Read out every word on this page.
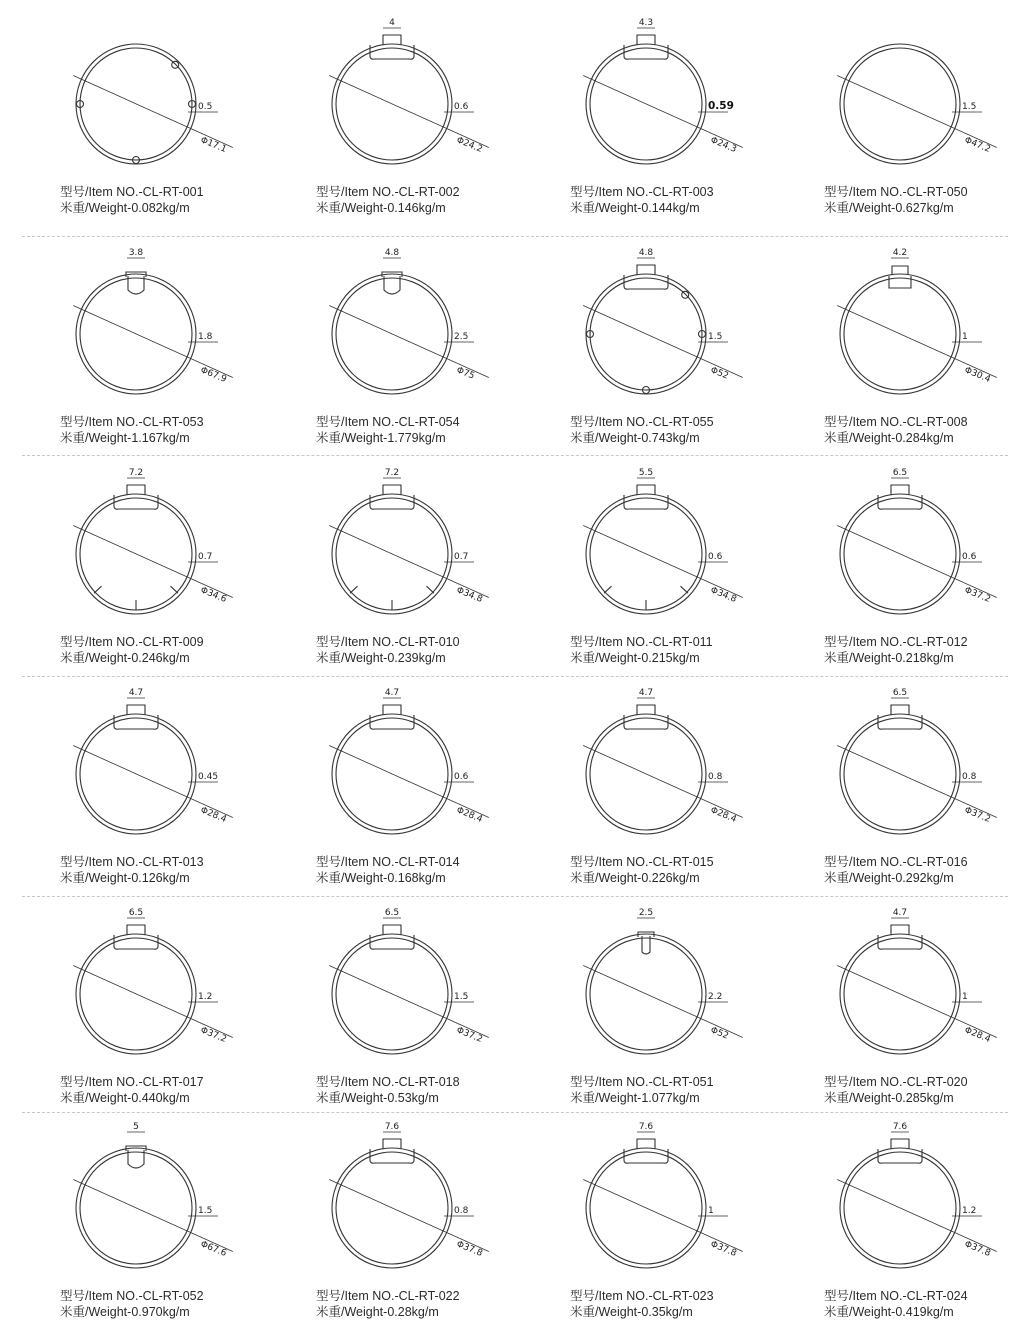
0.5
Φ17.1
型号/Item NO.-CL-RT-001
米重/Weight-0.082kg/m
0.6
Φ24.2
4
型号/Item NO.-CL-RT-002
米重/Weight-0.146kg/m
0.59
Φ24.3
4.3
型号/Item NO.-CL-RT-003
米重/Weight-0.144kg/m
1.5
Φ47.2
型号/Item NO.-CL-RT-050
米重/Weight-0.627kg/m
1.8
Φ67.9
3.8
型号/Item NO.-CL-RT-053
米重/Weight-1.167kg/m
2.5
Φ75
4.8
型号/Item NO.-CL-RT-054
米重/Weight-1.779kg/m
1.5
Φ52
4.8
型号/Item NO.-CL-RT-055
米重/Weight-0.743kg/m
1
Φ30.4
4.2
型号/Item NO.-CL-RT-008
米重/Weight-0.284kg/m
0.7
Φ34.6
7.2
型号/Item NO.-CL-RT-009
米重/Weight-0.246kg/m
0.7
Φ34.8
7.2
型号/Item NO.-CL-RT-010
米重/Weight-0.239kg/m
0.6
Φ34.8
5.5
型号/Item NO.-CL-RT-011
米重/Weight-0.215kg/m
0.6
Φ37.2
6.5
型号/Item NO.-CL-RT-012
米重/Weight-0.218kg/m
0.45
Φ28.4
4.7
型号/Item NO.-CL-RT-013
米重/Weight-0.126kg/m
0.6
Φ28.4
4.7
型号/Item NO.-CL-RT-014
米重/Weight-0.168kg/m
0.8
Φ28.4
4.7
型号/Item NO.-CL-RT-015
米重/Weight-0.226kg/m
0.8
Φ37.2
6.5
型号/Item NO.-CL-RT-016
米重/Weight-0.292kg/m
1.2
Φ37.2
6.5
型号/Item NO.-CL-RT-017
米重/Weight-0.440kg/m
1.5
Φ37.2
6.5
型号/Item NO.-CL-RT-018
米重/Weight-0.53kg/m
2.2
Φ52
2.5
型号/Item NO.-CL-RT-051
米重/Weight-1.077kg/m
1
Φ28.4
4.7
型号/Item NO.-CL-RT-020
米重/Weight-0.285kg/m
1.5
Φ67.6
5
型号/Item NO.-CL-RT-052
米重/Weight-0.970kg/m
0.8
Φ37.8
7.6
型号/Item NO.-CL-RT-022
米重/Weight-0.28kg/m
1
Φ37.8
7.6
型号/Item NO.-CL-RT-023
米重/Weight-0.35kg/m
1.2
Φ37.8
7.6
型号/Item NO.-CL-RT-024
米重/Weight-0.419kg/m
